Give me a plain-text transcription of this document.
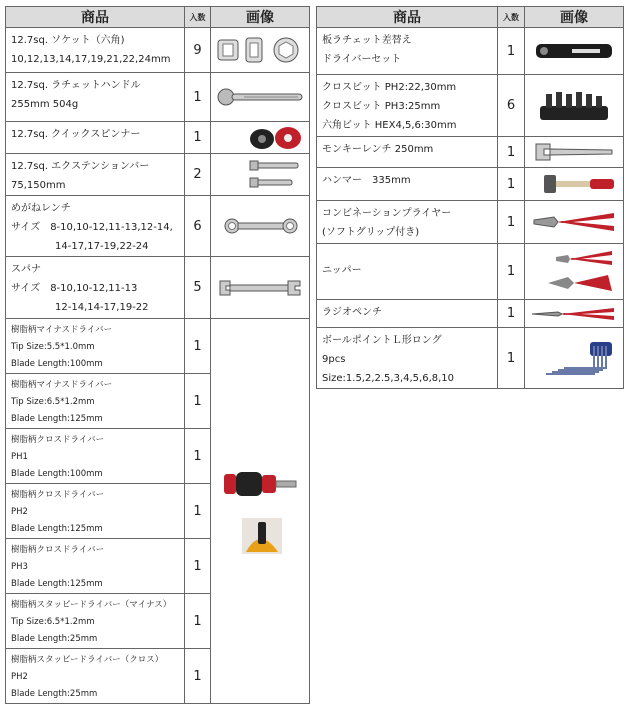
商品	入数	画像

12.7sq. ソケット（六角)
10,12,13,14,17,19,21,22,24mm	9	

12.7sq. ラチェットハンドル
255mm 504g	1	

12.7sq. クイックスピンナー	1	

12.7sq. エクステンションバー
75,150mm	2	

めがねレンチ
サイズ　8-10,10-12,11-13,12-14,
14-17,17-19,22-24	6	

スパナ
サイズ　8-10,10-12,11-13
12-14,14-17,19-22	5	

樹脂柄マイナスドライバー
Tip Size:5.5*1.0mm
Blade Length:100mm	1	

樹脂柄マイナスドライバー
Tip Size:6.5*1.2mm
Blade Length:125mm	1	

樹脂柄クロスドライバー
PH1
Blade Length:100mm	1	

樹脂柄クロスドライバー
PH2
Blade Length:125mm	1	

樹脂柄クロスドライバー
PH3
Blade Length:125mm	1	

樹脂柄スタッビードライバー（マイナス）
Tip Size:6.5*1.2mm
Blade Length:25mm	1	

樹脂柄スタッビードライバー（クロス）
PH2
Blade Length:25mm	1	
商品	入数	画像

板ラチェット差替え
ドライバーセット	1	

クロスビット PH2:22,30mm
クロスビット PH3:25mm
六角ビット HEX4,5,6:30mm	6	

モンキーレンチ 250mm	1	

ハンマー　335mm	1	

コンビネーションプライヤー
(ソフトグリップ付き)	1	

ニッパー	1	

ラジオペンチ	1	

ボールポイントＬ形ロング
9pcs
Size:1.5,2,2.5,3,4,5,6,8,10	1	
